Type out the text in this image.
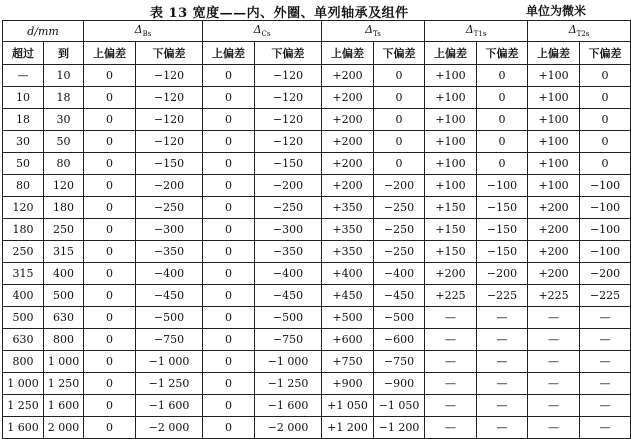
表 13 宽度——内、外圈、单列轴承及组件	单位为微米
d/mm		$\Delta_{Bs}$		$\Delta_{Cs}$		$\Delta_{Ts}$		$\Delta_{T1s}$		$\Delta_{T2s}$
超过	到	上偏差	下偏差	上偏差	下偏差	上偏差	下偏差	上偏差	下偏差	上偏差	下偏差
—	10	0	−120	0	−120	+200	0	+100	0	+100	0
10	18	0	−120	0	−120	+200	0	+100	0	+100	0
18	30	0	−120	0	−120	+200	0	+100	0	+100	0
30	50	0	−120	0	−120	+200	0	+100	0	+100	0
50	80	0	−150	0	−150	+200	0	+100	0	+100	0
80	120	0	−200	0	−200	+200	−200	+100	−100	+100	−100
120	180	0	−250	0	−250	+350	−250	+150	−150	+200	−100
180	250	0	−300	0	−300	+350	−250	+150	−150	+200	−100
250	315	0	−350	0	−350	+350	−250	+150	−150	+200	−100
315	400	0	−400	0	−400	+400	−400	+200	−200	+200	−200
400	500	0	−450	0	−450	+450	−450	+225	−225	+225	−225
500	630	0	−500	0	−500	+500	−500	—	—	—	—
630	800	0	−750	0	−750	+600	−600	—	—	—	—
800	1 000	0	−1 000	0	−1 000	+750	−750	—	—	—	—
1 000	1 250	0	−1 250	0	−1 250	+900	−900	—	—	—	—
1 250	1 600	0	−1 600	0	−1 600	+1 050	−1 050	—	—	—	—
1 600	2 000	0	−2 000	0	−2 000	+1 200	−1 200	—	—	—	—
